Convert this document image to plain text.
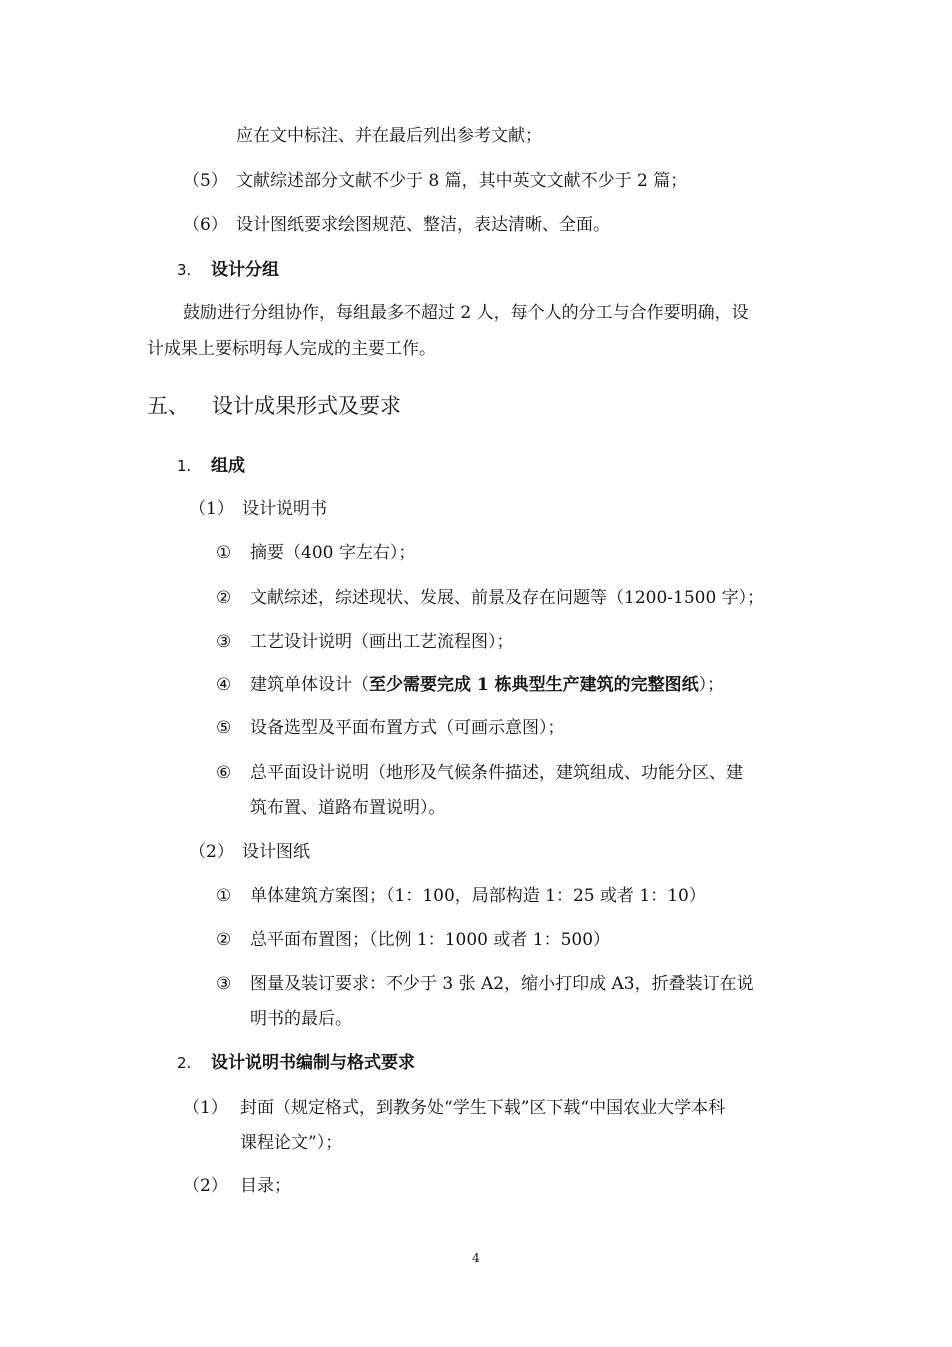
应在文中标注、并在最后列出参考文献；
（5） 文献综述部分文献不少于 8 篇，其中英文文献不少于 2 篇；
（6） 设计图纸要求绘图规范、整洁，表达清晰、全面。
3. 设计分组
鼓励进行分组协作，每组最多不超过 2 人，每个人的分工与合作要明确，设
计成果上要标明每人完成的主要工作。
五、 设计成果形式及要求
1. 组成
（1） 设计说明书
① 摘要（400 字左右）；
② 文献综述，综述现状、发展、前景及存在问题等（1200-1500 字）；
③ 工艺设计说明（画出工艺流程图）；
④ 建筑单体设计（至少需要完成 1 栋典型生产建筑的完整图纸）；
⑤ 设备选型及平面布置方式（可画示意图）；
⑥ 总平面设计说明（地形及气候条件描述，建筑组成、功能分区、建
筑布置、道路布置说明）。
（2） 设计图纸
① 单体建筑方案图；（1：100，局部构造 1：25 或者 1：10）
② 总平面布置图；（比例 1：1000 或者 1：500）
③ 图量及装订要求：不少于 3 张 A2，缩小打印成 A3，折叠装订在说
明书的最后。
2. 设计说明书编制与格式要求
（1） 封面（规定格式，到教务处“学生下载”区下载“中国农业大学本科
课程论文”）；
（2） 目录；
4
